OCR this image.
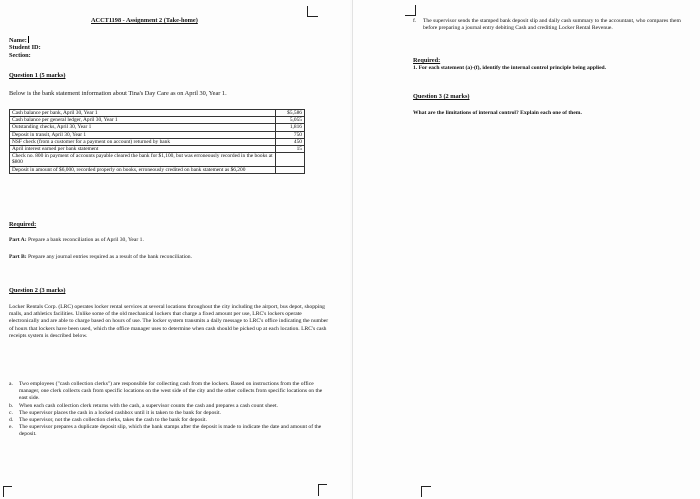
ACCT1198 - Assignment 2 (Take-home)
Name:
Student ID:
Section:
Question 1 (5 marks)
Below is the bank statement information about Tina's Day Care as on April 30, Year 1.
Cash balance per bank, April 30, Year 1	$5,586
Cash balance per general ledger, April 30, Year 1	5,055
Outstanding checks, April 30, Year 1	1,816
Deposit in transit, April 30, Year 1	750
NSF check (from a customer for a payment on account) returned by bank	450
April interest earned per bank statement	15
Check no. 800 in payment of accounts payable cleared the bank for $1,100, but was erroneously recorded in the books at $800	
Deposit in amount of $6,000, recorded properly on books, erroneously credited on bank statement as $6,200	
Required:
Part A: Prepare a bank reconciliation as of April 30, Year 1.
Part B: Prepare any journal entries required as a result of the bank reconciliation.
Question 2 (3 marks)
Locker Rentals Corp. (LRC) operates locker rental services at several locations throughout the city including the airport, bus depot, shopping malls, and athletics facilities. Unlike some of the old mechanical lockers that charge a fixed amount per use, LRC's lockers operate electronically and are able to charge based on hours of use. The locker system transmits a daily message to LRC's office indicating the number of hours that lockers have been used, which the office manager uses to determine when cash should be picked up at each location. LRC's cash receipts system is described below.
a. Two employees ("cash collection clerks") are responsible for collecting cash from the lockers. Based on instructions from the office manager, one clerk collects cash from specific locations on the west side of the city and the other collects from specific locations on the east side.
b. When each cash collection clerk returns with the cash, a supervisor counts the cash and prepares a cash count sheet.
c. The supervisor places the cash in a locked cashbox until it is taken to the bank for deposit.
d. The supervisor, not the cash collection clerks, takes the cash to the bank for deposit.
e. The supervisor prepares a duplicate deposit slip, which the bank stamps after the deposit is made to indicate the date and amount of the deposit.
f. The supervisor sends the stamped bank deposit slip and daily cash summary to the accountant, who compares them before preparing a journal entry debiting Cash and crediting Locker Rental Revenue.
Required:
1. For each statement (a)-(f), identify the internal control principle being applied.
Question 3 (2 marks)
What are the limitations of internal control? Explain each one of them.
